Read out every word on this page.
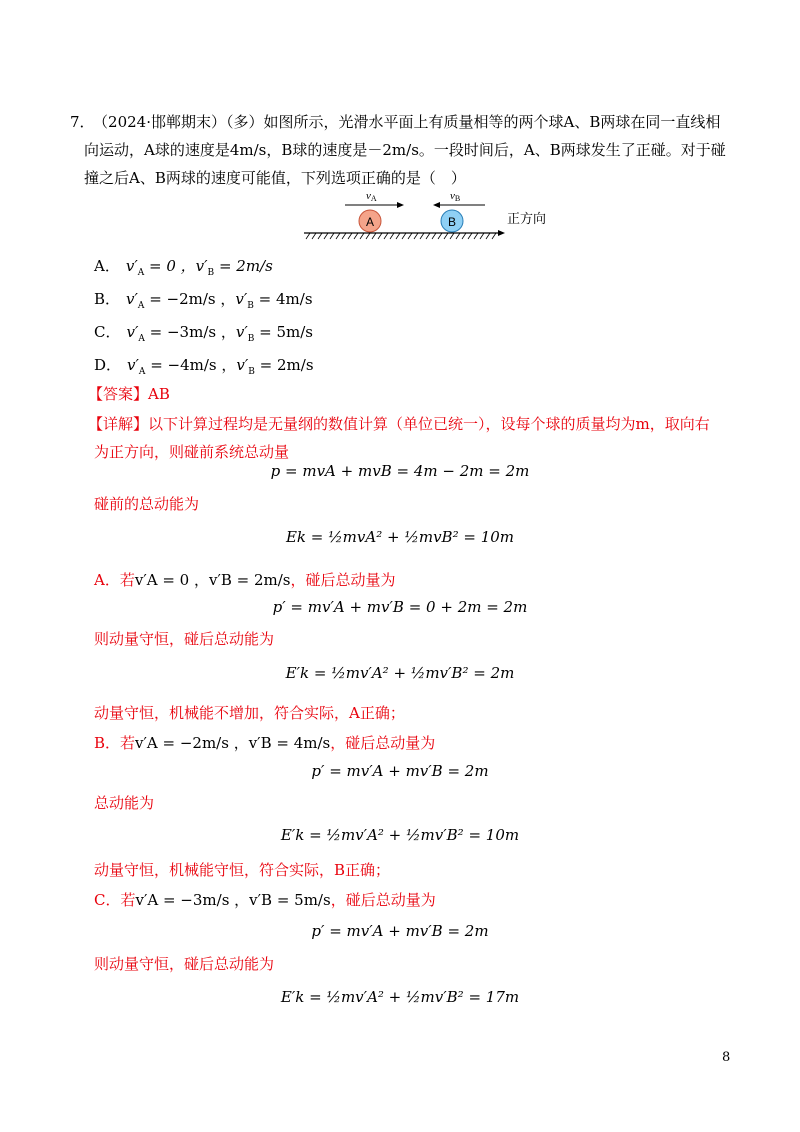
7． （2024·邯郸期末）（多）如图所示，光滑水平面上有质量相等的两个球A、B两球在同一直线相
向运动，A球的速度是4m/s，B球的速度是－2m/s。一段时间后，A、B两球发生了正碰。对于碰
撞之后A、B两球的速度可能值，下列选项正确的是（　）
vA	vB
A	B	正方向
A． $v'_A = 0$ ，$v'_B = 2m/s$
B． $v'_A = -2m/s$ ，$v'_B = 4m/s$
C． $v'_A = -3m/s$ ，$v'_B = 5m/s$
D． $v'_A = -4m/s$ ，$v'_B = 2m/s$
【答案】AB
【详解】以下计算过程均是无量纲的数值计算（单位已统一），设每个球的质量均为m，取向右
为正方向，则碰前系统总动量
p = mvA + mvB = 4m − 2m = 2m
碰前的总动能为
Ek = ½mvA² + ½mvB² = 10m
A．若v′A = 0 ，v′B = 2m/s，碰后总动量为
p′ = mv′A + mv′B = 0 + 2m = 2m
则动量守恒，碰后总动能为
E′k = ½mv′A² + ½mv′B² = 2m
动量守恒，机械能不增加，符合实际，A正确；
B．若v′A = −2m/s ，v′B = 4m/s，碰后总动量为
p′ = mv′A + mv′B = 2m
总动能为
E′k = ½mv′A² + ½mv′B² = 10m
动量守恒，机械能守恒，符合实际，B正确；
C．若v′A = −3m/s ，v′B = 5m/s，碰后总动量为
p′ = mv′A + mv′B = 2m
则动量守恒，碰后总动能为
E′k = ½mv′A² + ½mv′B² = 17m
8
